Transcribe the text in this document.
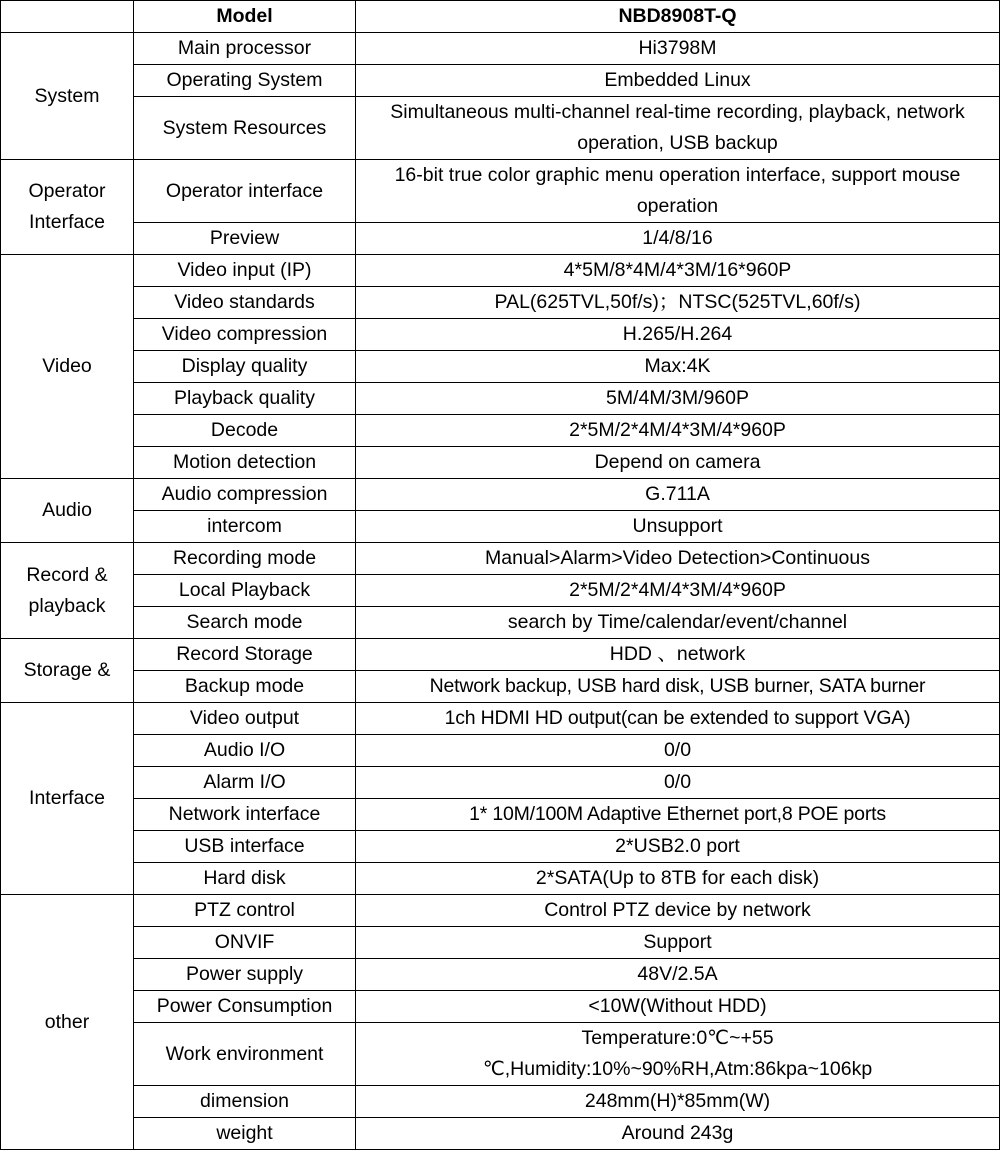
	Model	NBD8908T-Q
System	Main processor	Hi3798M
	Operating System	Embedded Linux
	System Resources	Simultaneous multi-channel real-time recording, playback, network operation, USB backup
Operator
Interface	Operator interface	16-bit true color graphic menu operation interface, support mouse operation
	Preview	1/4/8/16
Video	Video input (IP)	4*5M/8*4M/4*3M/16*960P
	Video standards	PAL(625TVL,50f/s)；NTSC(525TVL,60f/s)
	Video compression	H.265/H.264
	Display quality	Max:4K
	Playback quality	5M/4M/3M/960P
	Decode	2*5M/2*4M/4*3M/4*960P
	Motion detection	Depend on camera
Audio	Audio compression	G.711A
	intercom	Unsupport
Record &
playback	Recording mode	Manual>Alarm>Video Detection>Continuous
	Local Playback	2*5M/2*4M/4*3M/4*960P
	Search mode	search by Time/calendar/event/channel
Storage &	Record Storage	HDD 、network
	Backup mode	Network backup, USB hard disk, USB burner, SATA burner
Interface	Video output	1ch HDMI HD output(can be extended to support VGA)
	Audio I/O	0/0
	Alarm I/O	0/0
	Network interface	1* 10M/100M Adaptive Ethernet port,8 POE ports
	USB interface	2*USB2.0 port
	Hard disk	2*SATA(Up to 8TB for each disk)
other	PTZ control	Control PTZ device by network
	ONVIF	Support
	Power supply	48V/2.5A
	Power Consumption	<10W(Without HDD)
	Work environment	Temperature:0℃~+55
℃,Humidity:10%~90%RH,Atm:86kpa~106kp
	dimension	248mm(H)*85mm(W)
	weight	Around 243g
